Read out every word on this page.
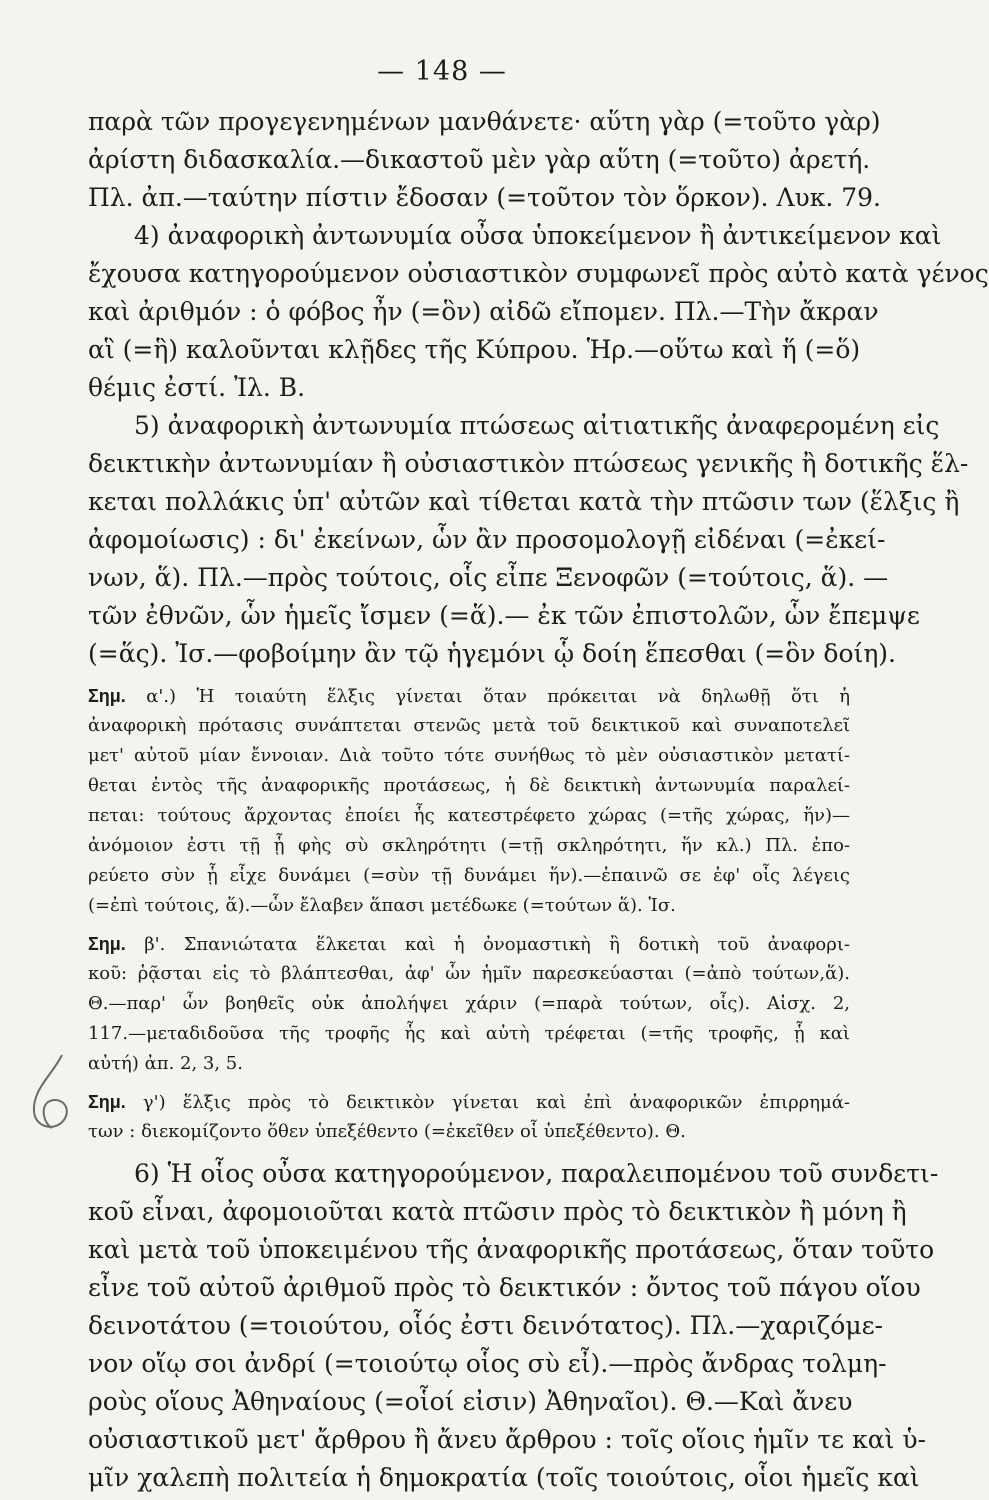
— 148 —
παρὰ τῶν προγεγενημένων μανθάνετε· αὕτη γὰρ (=τοῦτο γὰρ)
ἀρίστη διδασκαλία.—δικαστοῦ μὲν γὰρ αὕτη (=τοῦτο) ἀρετή.
Πλ. ἀπ.—ταύτην πίστιν ἔδοσαν (=τοῦτον τὸν ὅρκον). Λυκ. 79.
4) ἀναφορικὴ ἀντωνυμία οὖσα ὑποκείμενον ἢ ἀντικείμενον καὶ
ἔχουσα κατηγορούμενον οὐσιαστικὸν συμφωνεῖ πρὸς αὐτὸ κατὰ γένος
καὶ ἀριθμόν : ὁ φόβος ἦν (=ὃν) αἰδῶ εἴπομεν. Πλ.—Τὴν ἄκραν
αἳ (=ἣ) καλοῦνται κλῇδες τῆς Κύπρου. Ἡρ.—οὕτω καὶ ἥ (=ὅ)
θέμις ἐστί. Ἰλ. Β.
5) ἀναφορικὴ ἀντωνυμία πτώσεως αἰτιατικῆς ἀναφερομένη εἰς
δεικτικὴν ἀντωνυμίαν ἢ οὐσιαστικὸν πτώσεως γενικῆς ἢ δοτικῆς ἕλ-
κεται πολλάκις ὑπ' αὐτῶν καὶ τίθεται κατὰ τὴν πτῶσιν των (ἕλξις ἢ
ἀφομοίωσις) : δι' ἐκείνων, ὧν ἂν προσομολογῇ εἰδέναι (=ἐκεί-
νων, ἅ). Πλ.—πρὸς τούτοις, οἷς εἶπε Ξενοφῶν (=τούτοις, ἅ). —
τῶν ἐθνῶν, ὧν ἡμεῖς ἴσμεν (=ἅ).— ἐκ τῶν ἐπιστολῶν, ὧν ἔπεμψε
(=ἅς). Ἰσ.—φοβοίμην ἂν τῷ ἡγεμόνι ᾧ δοίη ἕπεσθαι (=ὃν δοίη).
Σημ. α'.) Ἡ τοιαύτη ἕλξις γίνεται ὅταν πρόκειται νὰ δηλωθῇ ὅτι ἡ
ἀναφορικὴ πρότασις συνάπτεται στενῶς μετὰ τοῦ δεικτικοῦ καὶ συναποτελεῖ
μετ' αὐτοῦ μίαν ἔννοιαν. Διὰ τοῦτο τότε συνήθως τὸ μὲν οὐσιαστικὸν μετατί-
θεται ἐντὸς τῆς ἀναφορικῆς προτάσεως, ἡ δὲ δεικτικὴ ἀντωνυμία παραλεί-
πεται: τούτους ἄρχοντας ἐποίει ἧς κατεστρέφετο χώρας (=τῆς χώρας, ἥν)—
ἀνόμοιον ἐστι τῇ ᾗ φὴς σὺ σκληρότητι (=τῇ σκληρότητι, ἥν κλ.) Πλ. ἐπο-
ρεύετο σὺν ᾗ εἶχε δυνάμει (=σὺν τῇ δυνάμει ἥν).—ἐπαινῶ σε ἐφ' οἷς λέγεις
(=ἐπὶ τούτοις, ἅ).—ὧν ἔλαβεν ἅπασι μετέδωκε (=τούτων ἅ). Ἰσ.
Σημ. β'. Σπανιώτατα ἕλκεται καὶ ἡ ὀνομαστικὴ ἢ δοτικὴ τοῦ ἀναφορι-
κοῦ: ῥᾷσται εἰς τὸ βλάπτεσθαι, ἀφ' ὧν ἡμῖν παρεσκεύασται (=ἀπὸ τούτων,ἅ).
Θ.—παρ' ὧν βοηθεῖς οὐκ ἀπολήψει χάριν (=παρὰ τούτων, οἷς). Αἰσχ. 2,
117.—μεταδιδοῦσα τῆς τροφῆς ἧς καὶ αὐτὴ τρέφεται (=τῆς τροφῆς, ᾗ καὶ
αὐτή) ἀπ. 2, 3, 5.
Σημ. γ') ἕλξις πρὸς τὸ δεικτικὸν γίνεται καὶ ἐπὶ ἀναφορικῶν ἐπιρρημά-
των : διεκομίζοντο ὅθεν ὑπεξέθεντο (=ἐκεῖθεν οἷ ὑπεξέθεντο). Θ.
6) Ἡ οἷος οὖσα κατηγορούμενον, παραλειπομένου τοῦ συνδετι-
κοῦ εἶναι, ἀφομοιοῦται κατὰ πτῶσιν πρὸς τὸ δεικτικὸν ἢ μόνη ἢ
καὶ μετὰ τοῦ ὑποκειμένου τῆς ἀναφορικῆς προτάσεως, ὅταν τοῦτο
εἶνε τοῦ αὐτοῦ ἀριθμοῦ πρὸς τὸ δεικτικόν : ὄντος τοῦ πάγου οἵου
δεινοτάτου (=τοιούτου, οἷός ἐστι δεινότατος). Πλ.—χαριζόμε-
νον οἵῳ σοι ἀνδρί (=τοιούτῳ οἷος σὺ εἶ).—πρὸς ἄνδρας τολμη-
ροὺς οἵους Ἀθηναίους (=οἷοί εἰσιν) Ἀθηναῖοι). Θ.—Καὶ ἄνευ
οὐσιαστικοῦ μετ' ἄρθρου ἢ ἄνευ ἄρθρου : τοῖς οἵοις ἡμῖν τε καὶ ὑ-
μῖν χαλεπὴ πολιτεία ἡ δημοκρατία (τοῖς τοιούτοις, οἷοι ἡμεῖς καὶ
